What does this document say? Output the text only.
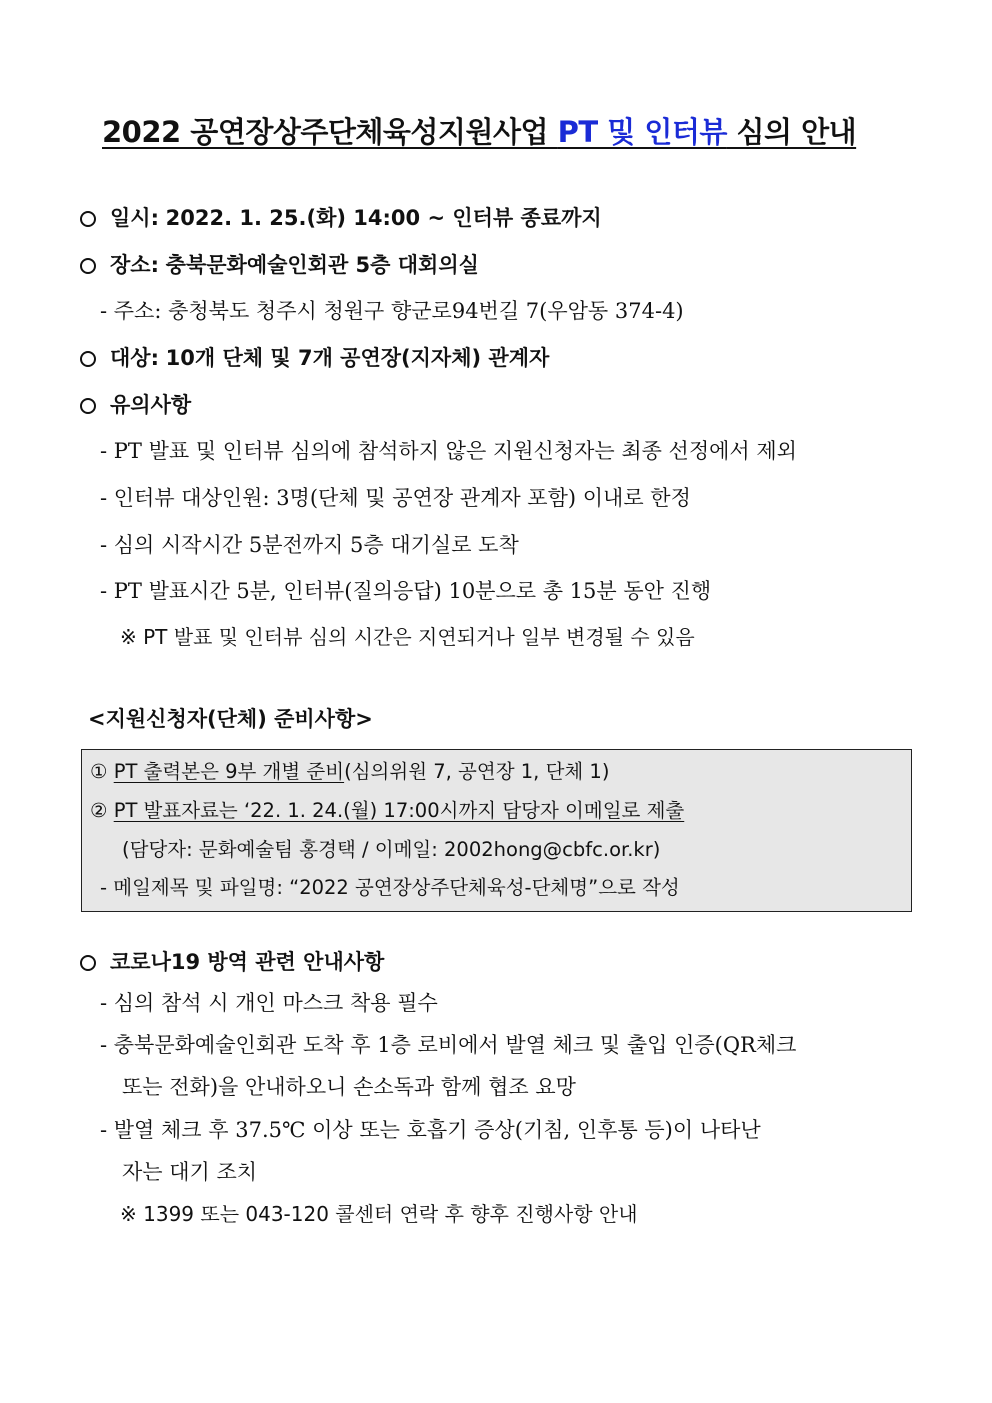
2022 공연장상주단체육성지원사업 PT 및 인터뷰 심의 안내
일시: 2022. 1. 25.(화) 14:00 ~ 인터뷰 종료까지
장소: 충북문화예술인회관 5층 대회의실
- 주소: 충청북도 청주시 청원구 향군로94번길 7(우암동 374-4)
대상: 10개 단체 및 7개 공연장(지자체) 관계자
유의사항
- PT 발표 및 인터뷰 심의에 참석하지 않은 지원신청자는 최종 선정에서 제외
- 인터뷰 대상인원: 3명(단체 및 공연장 관계자 포함) 이내로 한정
- 심의 시작시간 5분전까지 5층 대기실로 도착
- PT 발표시간 5분, 인터뷰(질의응답) 10분으로 총 15분 동안 진행
※ PT 발표 및 인터뷰 심의 시간은 지연되거나 일부 변경될 수 있음
<지원신청자(단체) 준비사항>
① PT 출력본은 9부 개별 준비(심의위원 7, 공연장 1, 단체 1)
② PT 발표자료는 ‘22. 1. 24.(월) 17:00시까지 담당자 이메일로 제출
(담당자: 문화예술팀 홍경택 / 이메일: 2002hong@cbfc.or.kr)
- 메일제목 및 파일명: “2022 공연장상주단체육성-단체명”으로 작성
코로나19 방역 관련 안내사항
- 심의 참석 시 개인 마스크 착용 필수
- 충북문화예술인회관 도착 후 1층 로비에서 발열 체크 및 출입 인증(QR체크
또는 전화)을 안내하오니 손소독과 함께 협조 요망
- 발열 체크 후 37.5℃ 이상 또는 호흡기 증상(기침, 인후통 등)이 나타난
자는 대기 조치
※ 1399 또는 043-120 콜센터 연락 후 향후 진행사항 안내
